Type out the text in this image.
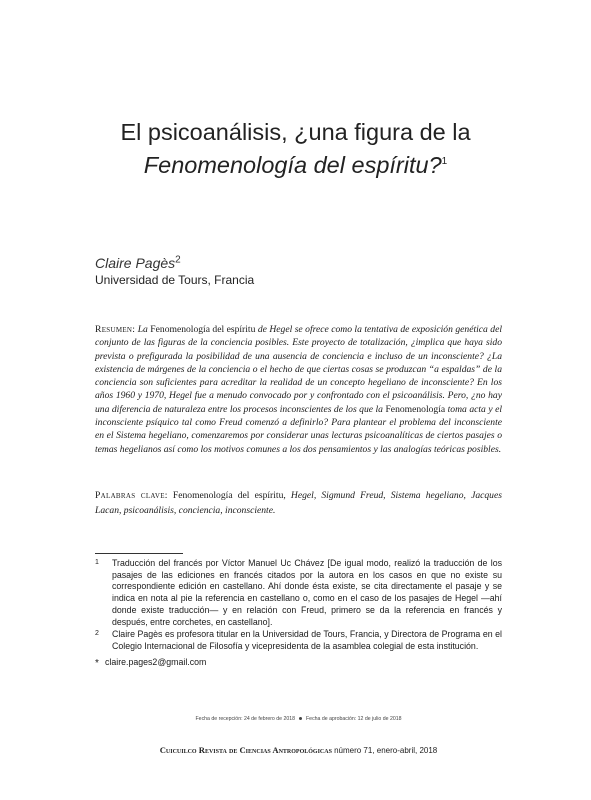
El psicoanálisis, ¿una figura de la
Fenomenología del espíritu?$^1$
Claire Pagès$^2$
Universidad de Tours, Francia
Resumen: La Fenomenología del espíritu de Hegel se ofrece como la tentativa de exposición genética del conjunto de las figuras de la conciencia posibles. Este proyecto de totalización, ¿implica que haya sido prevista o prefigurada la posibilidad de una ausencia de conciencia e incluso de un inconsciente? ¿La existencia de márgenes de la conciencia o el hecho de que ciertas cosas se produzcan “a espaldas” de la conciencia son suficientes para acreditar la realidad de un concepto hegeliano de inconsciente? En los años 1960 y 1970, Hegel fue a menudo convocado por y confrontado con el psicoanálisis. Pero, ¿no hay una diferencia de naturaleza entre los procesos inconscientes de los que la Fenomenología toma acta y el inconsciente psíquico tal como Freud comenzó a definirlo? Para plantear el problema del inconsciente en el Sistema hegeliano, comenzaremos por considerar unas lecturas psicoanalíticas de ciertos pasajes o temas hegelianos así como los motivos comunes a los dos pensamientos y las analogías teóricas posibles.
Palabras clave: Fenomenología del espíritu, Hegel, Sigmund Freud, Sistema hegeliano, Jacques Lacan, psicoanálisis, conciencia, inconsciente.
1 Traducción del francés por Víctor Manuel Uc Chávez [De igual modo, realizó la traducción de los pasajes de las ediciones en francés citados por la autora en los casos en que no existe su correspondiente edición en castellano. Ahí donde ésta existe, se cita directamente el pasaje y se indica en nota al pie la referencia en castellano o, como en el caso de los pasajes de Hegel —ahí donde existe traducción— y en relación con Freud, primero se da la referencia en francés y después, entre corchetes, en castellano].
2 Claire Pagès es profesora titular en la Universidad de Tours, Francia, y Directora de Programa en el Colegio Internacional de Filosofía y vicepresidenta de la asamblea colegial de esta institución.
* claire.pages2@gmail.com
Fecha de recepción: 24 de febrero de 2018 Fecha de aprobación: 12 de julio de 2018
Cuicuilco Revista de Ciencias Antropológicas número 71, enero-abril, 2018
